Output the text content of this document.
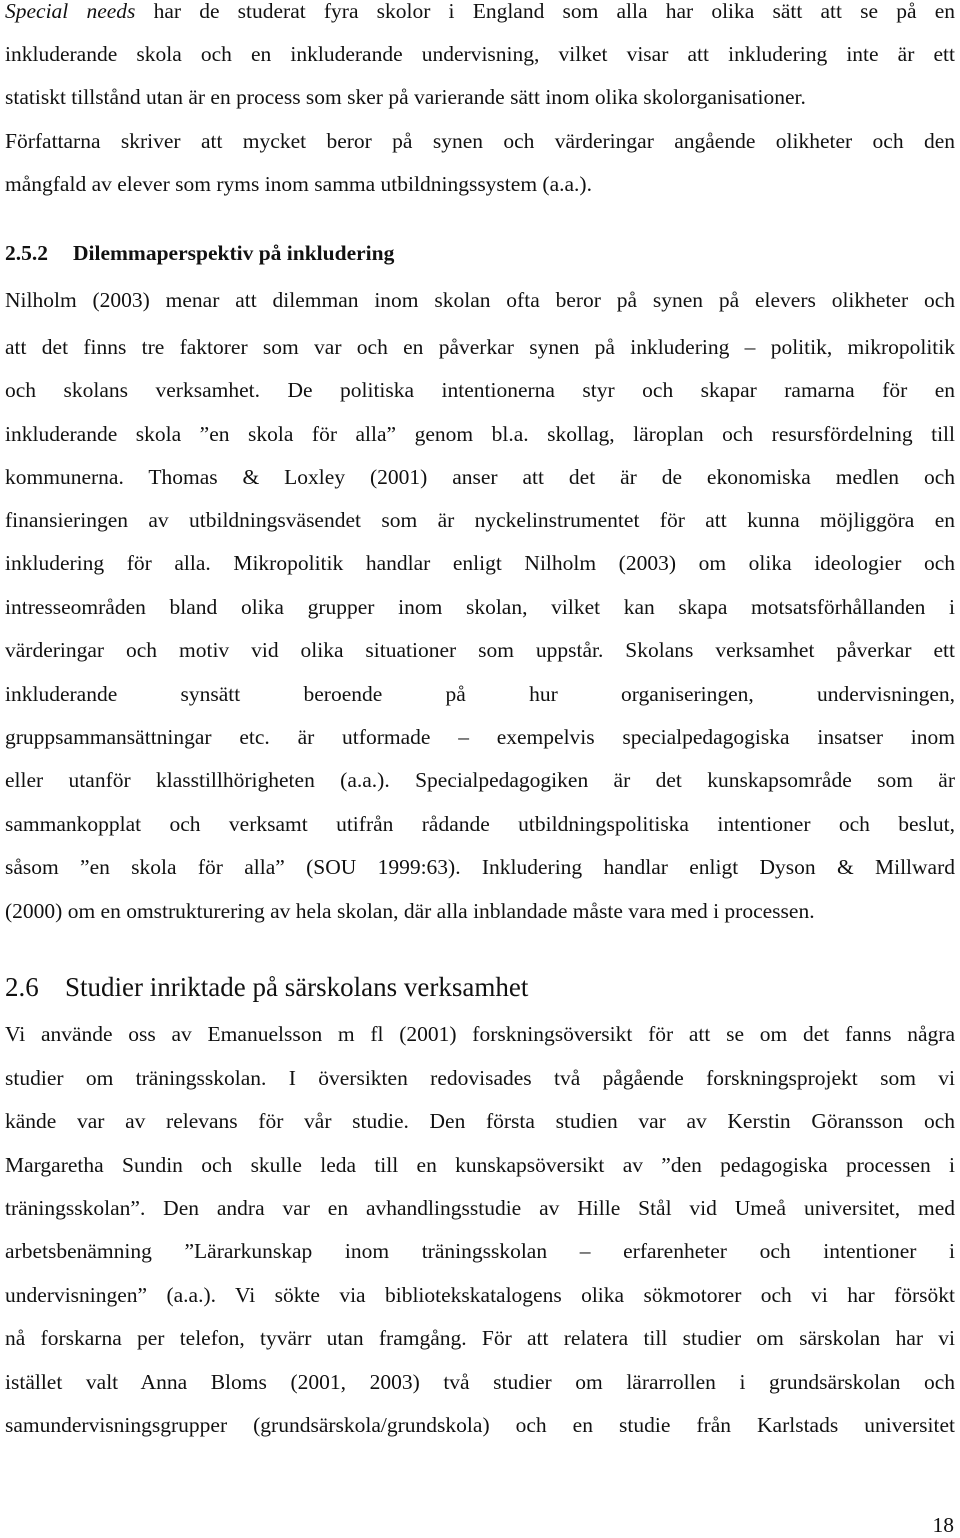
Special needs har de studerat fyra skolor i England som alla har olika sätt att se på en
inkluderande skola och en inkluderande undervisning, vilket visar att inkludering inte är ett
statiskt tillstånd utan är en process som sker på varierande sätt inom olika skolorganisationer.
Författarna skriver att mycket beror på synen och värderingar angående olikheter och den
mångfald av elever som ryms inom samma utbildningssystem (a.a.).
2.5.2 Dilemmaperspektiv på inkludering
Nilholm (2003) menar att dilemman inom skolan ofta beror på synen på elevers olikheter och
att det finns tre faktorer som var och en påverkar synen på inkludering – politik, mikropolitik
och skolans verksamhet. De politiska intentionerna styr och skapar ramarna för en
inkluderande skola ”en skola för alla” genom bl.a. skollag, läroplan och resursfördelning till
kommunerna. Thomas & Loxley (2001) anser att det är de ekonomiska medlen och
finansieringen av utbildningsväsendet som är nyckelinstrumentet för att kunna möjliggöra en
inkludering för alla. Mikropolitik handlar enligt Nilholm (2003) om olika ideologier och
intresseområden bland olika grupper inom skolan, vilket kan skapa motsatsförhållanden i
värderingar och motiv vid olika situationer som uppstår. Skolans verksamhet påverkar ett
inkluderande synsätt beroende på hur organiseringen, undervisningen,
gruppsammansättningar etc. är utformade – exempelvis specialpedagogiska insatser inom
eller utanför klasstillhörigheten (a.a.). Specialpedagogiken är det kunskapsområde som är
sammankopplat och verksamt utifrån rådande utbildningspolitiska intentioner och beslut,
såsom ”en skola för alla” (SOU 1999:63). Inkludering handlar enligt Dyson & Millward
(2000) om en omstrukturering av hela skolan, där alla inblandade måste vara med i processen.
2.6 Studier inriktade på särskolans verksamhet
Vi använde oss av Emanuelsson m fl (2001) forskningsöversikt för att se om det fanns några
studier om träningsskolan. I översikten redovisades två pågående forskningsprojekt som vi
kände var av relevans för vår studie. Den första studien var av Kerstin Göransson och
Margaretha Sundin och skulle leda till en kunskapsöversikt av ”den pedagogiska processen i
träningsskolan”. Den andra var en avhandlingsstudie av Hille Stål vid Umeå universitet, med
arbetsbenämning ”Lärarkunskap inom träningsskolan – erfarenheter och intentioner i
undervisningen” (a.a.). Vi sökte via bibliotekskatalogens olika sökmotorer och vi har försökt
nå forskarna per telefon, tyvärr utan framgång. För att relatera till studier om särskolan har vi
istället valt Anna Bloms (2001, 2003) två studier om lärarrollen i grundsärskolan och
samundervisningsgrupper (grundsärskola/grundskola) och en studie från Karlstads universitet
18
